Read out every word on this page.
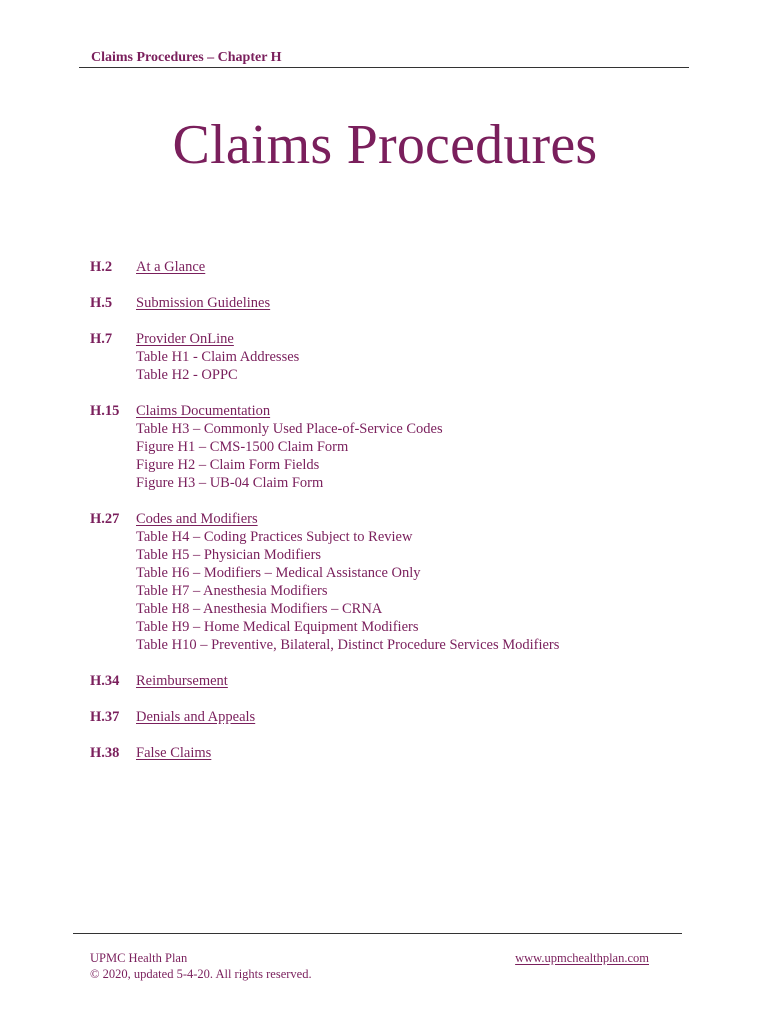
Claims Procedures – Chapter H
Claims Procedures
H.2	At a Glance
H.5	Submission Guidelines
H.7	Provider OnLine
Table H1 - Claim Addresses
Table H2 - OPPC
H.15	Claims Documentation
Table H3 – Commonly Used Place-of-Service Codes
Figure H1 – CMS-1500 Claim Form
Figure H2 – Claim Form Fields
Figure H3 – UB-04 Claim Form
H.27	Codes and Modifiers
Table H4 – Coding Practices Subject to Review
Table H5 – Physician Modifiers
Table H6 – Modifiers – Medical Assistance Only
Table H7 – Anesthesia Modifiers
Table H8 – Anesthesia Modifiers – CRNA
Table H9 – Home Medical Equipment Modifiers
Table H10 – Preventive, Bilateral, Distinct Procedure Services Modifiers
H.34	Reimbursement
H.37	Denials and Appeals
H.38	False Claims
UPMC Health Plan
© 2020, updated 5-4-20. All rights reserved.
www.upmchealthplan.com
